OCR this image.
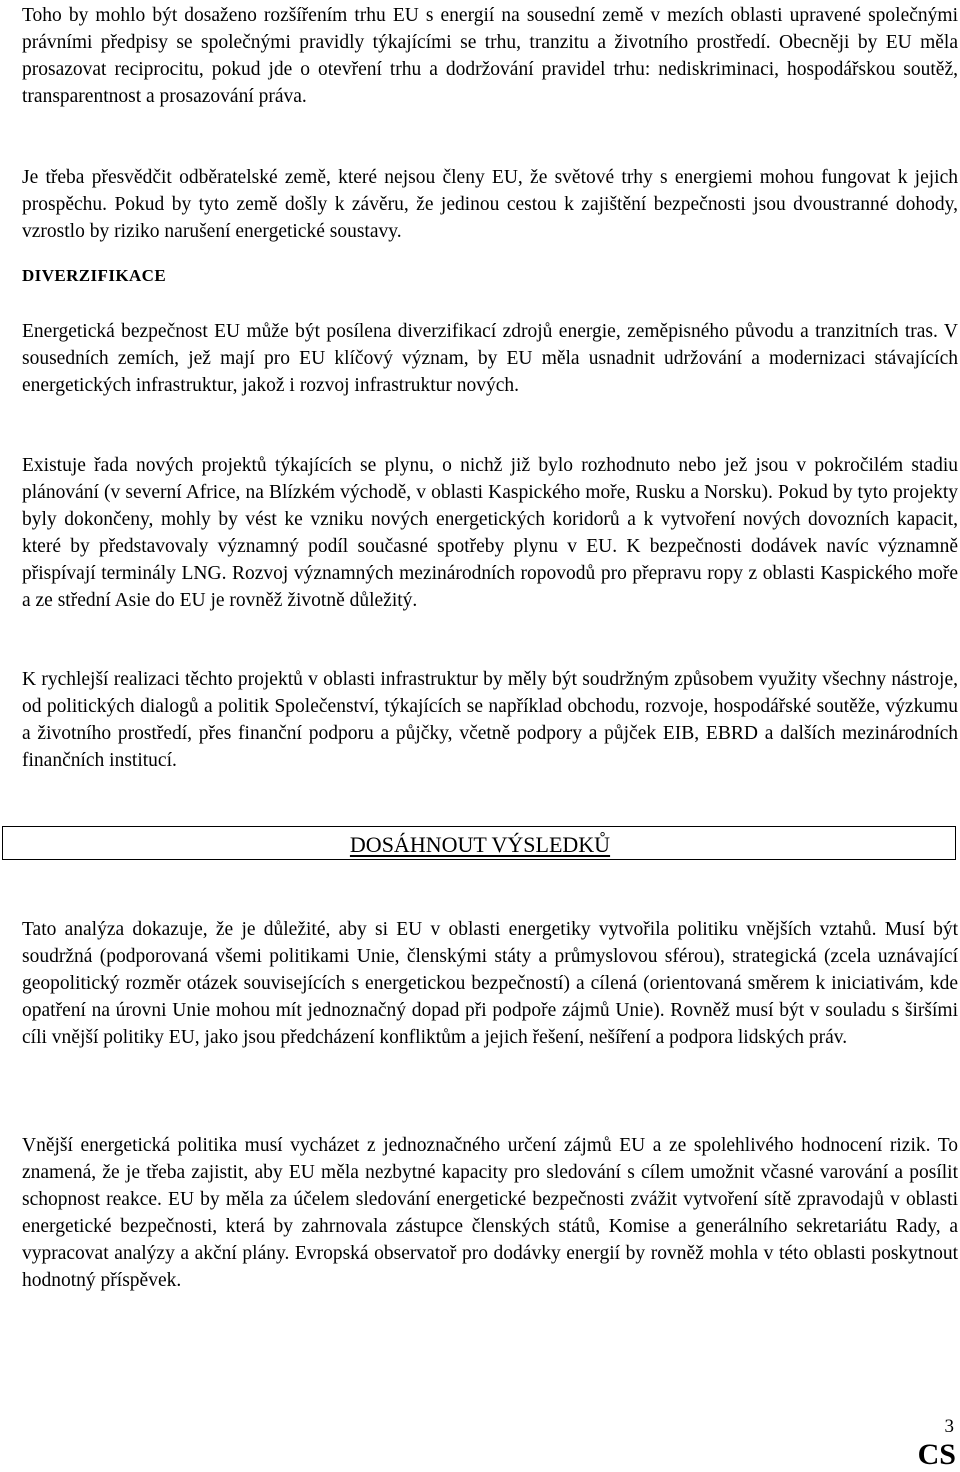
Toho by mohlo být dosaženo rozšířením trhu EU s energií na sousední země v mezích oblasti upravené společnými právními předpisy se společnými pravidly týkajícími se trhu, tranzitu a životního prostředí. Obecněji by EU měla prosazovat reciprocitu, pokud jde o otevření trhu a dodržování pravidel trhu: nediskriminaci, hospodářskou soutěž, transparentnost a prosazování práva.

Je třeba přesvědčit odběratelské země, které nejsou členy EU, že světové trhy s energiemi mohou fungovat k jejich prospěchu. Pokud by tyto země došly k závěru, že jedinou cestou k zajištění bezpečnosti jsou dvoustranné dohody, vzrostlo by riziko narušení energetické soustavy.

DIVERZIFIKACE

Energetická bezpečnost EU může být posílena diverzifikací zdrojů energie, zeměpisného původu a tranzitních tras. V sousedních zemích, jež mají pro EU klíčový význam, by EU měla usnadnit udržování a modernizaci stávajících energetických infrastruktur, jakož i rozvoj infrastruktur nových.

Existuje řada nových projektů týkajících se plynu, o nichž již bylo rozhodnuto nebo jež jsou v pokročilém stadiu plánování (v severní Africe, na Blízkém východě, v oblasti Kaspického moře, Rusku a Norsku). Pokud by tyto projekty byly dokončeny, mohly by vést ke vzniku nových energetických koridorů a k vytvoření nových dovozních kapacit, které by představovaly významný podíl současné spotřeby plynu v EU. K bezpečnosti dodávek navíc významně přispívají terminály LNG. Rozvoj významných mezinárodních ropovodů pro přepravu ropy z oblasti Kaspického moře a ze střední Asie do EU je rovněž životně důležitý.

K rychlejší realizaci těchto projektů v oblasti infrastruktur by měly být soudržným způsobem využity všechny nástroje, od politických dialogů a politik Společenství, týkajících se například obchodu, rozvoje, hospodářské soutěže, výzkumu a životního prostředí, přes finanční podporu a půjčky, včetně podpory a půjček EIB, EBRD a dalších mezinárodních finančních institucí.

DOSÁHNOUT VÝSLEDKŮ

Tato analýza dokazuje, že je důležité, aby si EU v oblasti energetiky vytvořila politiku vnějších vztahů. Musí být soudržná (podporovaná všemi politikami Unie, členskými státy a průmyslovou sférou), strategická (zcela uznávající geopolitický rozměr otázek souvisejících s energetickou bezpečností) a cílená (orientovaná směrem k iniciativám, kde opatření na úrovni Unie mohou mít jednoznačný dopad při podpoře zájmů Unie). Rovněž musí být v souladu s širšími cíli vnější politiky EU, jako jsou předcházení konfliktům a jejich řešení, nešíření a podpora lidských práv.

Vnější energetická politika musí vycházet z jednoznačného určení zájmů EU a ze spolehlivého hodnocení rizik. To znamená, že je třeba zajistit, aby EU měla nezbytné kapacity pro sledování s cílem umožnit včasné varování a posílit schopnost reakce. EU by měla za účelem sledování energetické bezpečnosti zvážit vytvoření sítě zpravodajů v oblasti energetické bezpečnosti, která by zahrnovala zástupce členských států, Komise a generálního sekretariátu Rady, a vypracovat analýzy a akční plány. Evropská observatoř pro dodávky energií by rovněž mohla v této oblasti poskytnout hodnotný příspěvek.

3

CS
